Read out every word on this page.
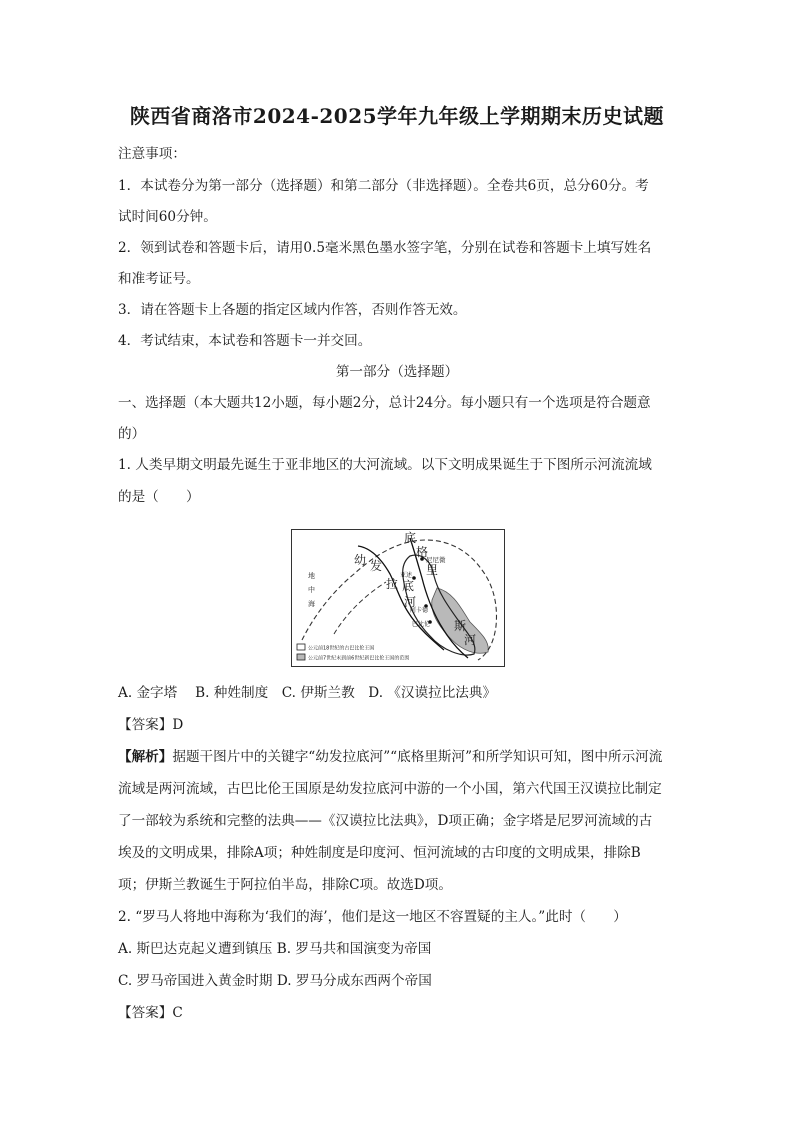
陕西省商洛市2024-2025学年九年级上学期期末历史试题
注意事项：
1．本试卷分为第一部分（选择题）和第二部分（非选择题）。全卷共6页，总分60分。考
试时间60分钟。
2．领到试卷和答题卡后，请用0.5毫米黑色墨水签字笔，分别在试卷和答题卡上填写姓名
和准考证号。
3．请在答题卡上各题的指定区域内作答，否则作答无效。
4．考试结束，本试卷和答题卡一并交回。
第一部分（选择题）
一、选择题（本大题共12小题，每小题2分，总计24分。每小题只有一个选项是符合题意
的）
1. 人类早期文明最先诞生于亚非地区的大河流域。以下文明成果诞生于下图所示河流流域
的是（　　）
公元前18世纪的古巴比伦王国
公元前7世纪末到前6世纪新巴比伦王国的范围
幼 发
拉 底
河
底
格
里
斯
河
地
中
海
尼尼微
亚述
阿卡德
巴比伦
A. 金字塔　 B. 种姓制度　C. 伊斯兰教　D. 《汉谟拉比法典》
【答案】D
【解析】据题干图片中的关键字“幼发拉底河”“底格里斯河”和所学知识可知，图中所示河流
流域是两河流域，古巴比伦王国原是幼发拉底河中游的一个小国，第六代国王汉谟拉比制定
了一部较为系统和完整的法典——《汉谟拉比法典》，D项正确；金字塔是尼罗河流域的古
埃及的文明成果，排除A项；种姓制度是印度河、恒河流域的古印度的文明成果，排除B
项；伊斯兰教诞生于阿拉伯半岛，排除C项。故选D项。
2. “罗马人将地中海称为‘我们的海’，他们是这一地区不容置疑的主人。”此时（　　）
A. 斯巴达克起义遭到镇压 B. 罗马共和国演变为帝国
C. 罗马帝国进入黄金时期 D. 罗马分成东西两个帝国
【答案】C
